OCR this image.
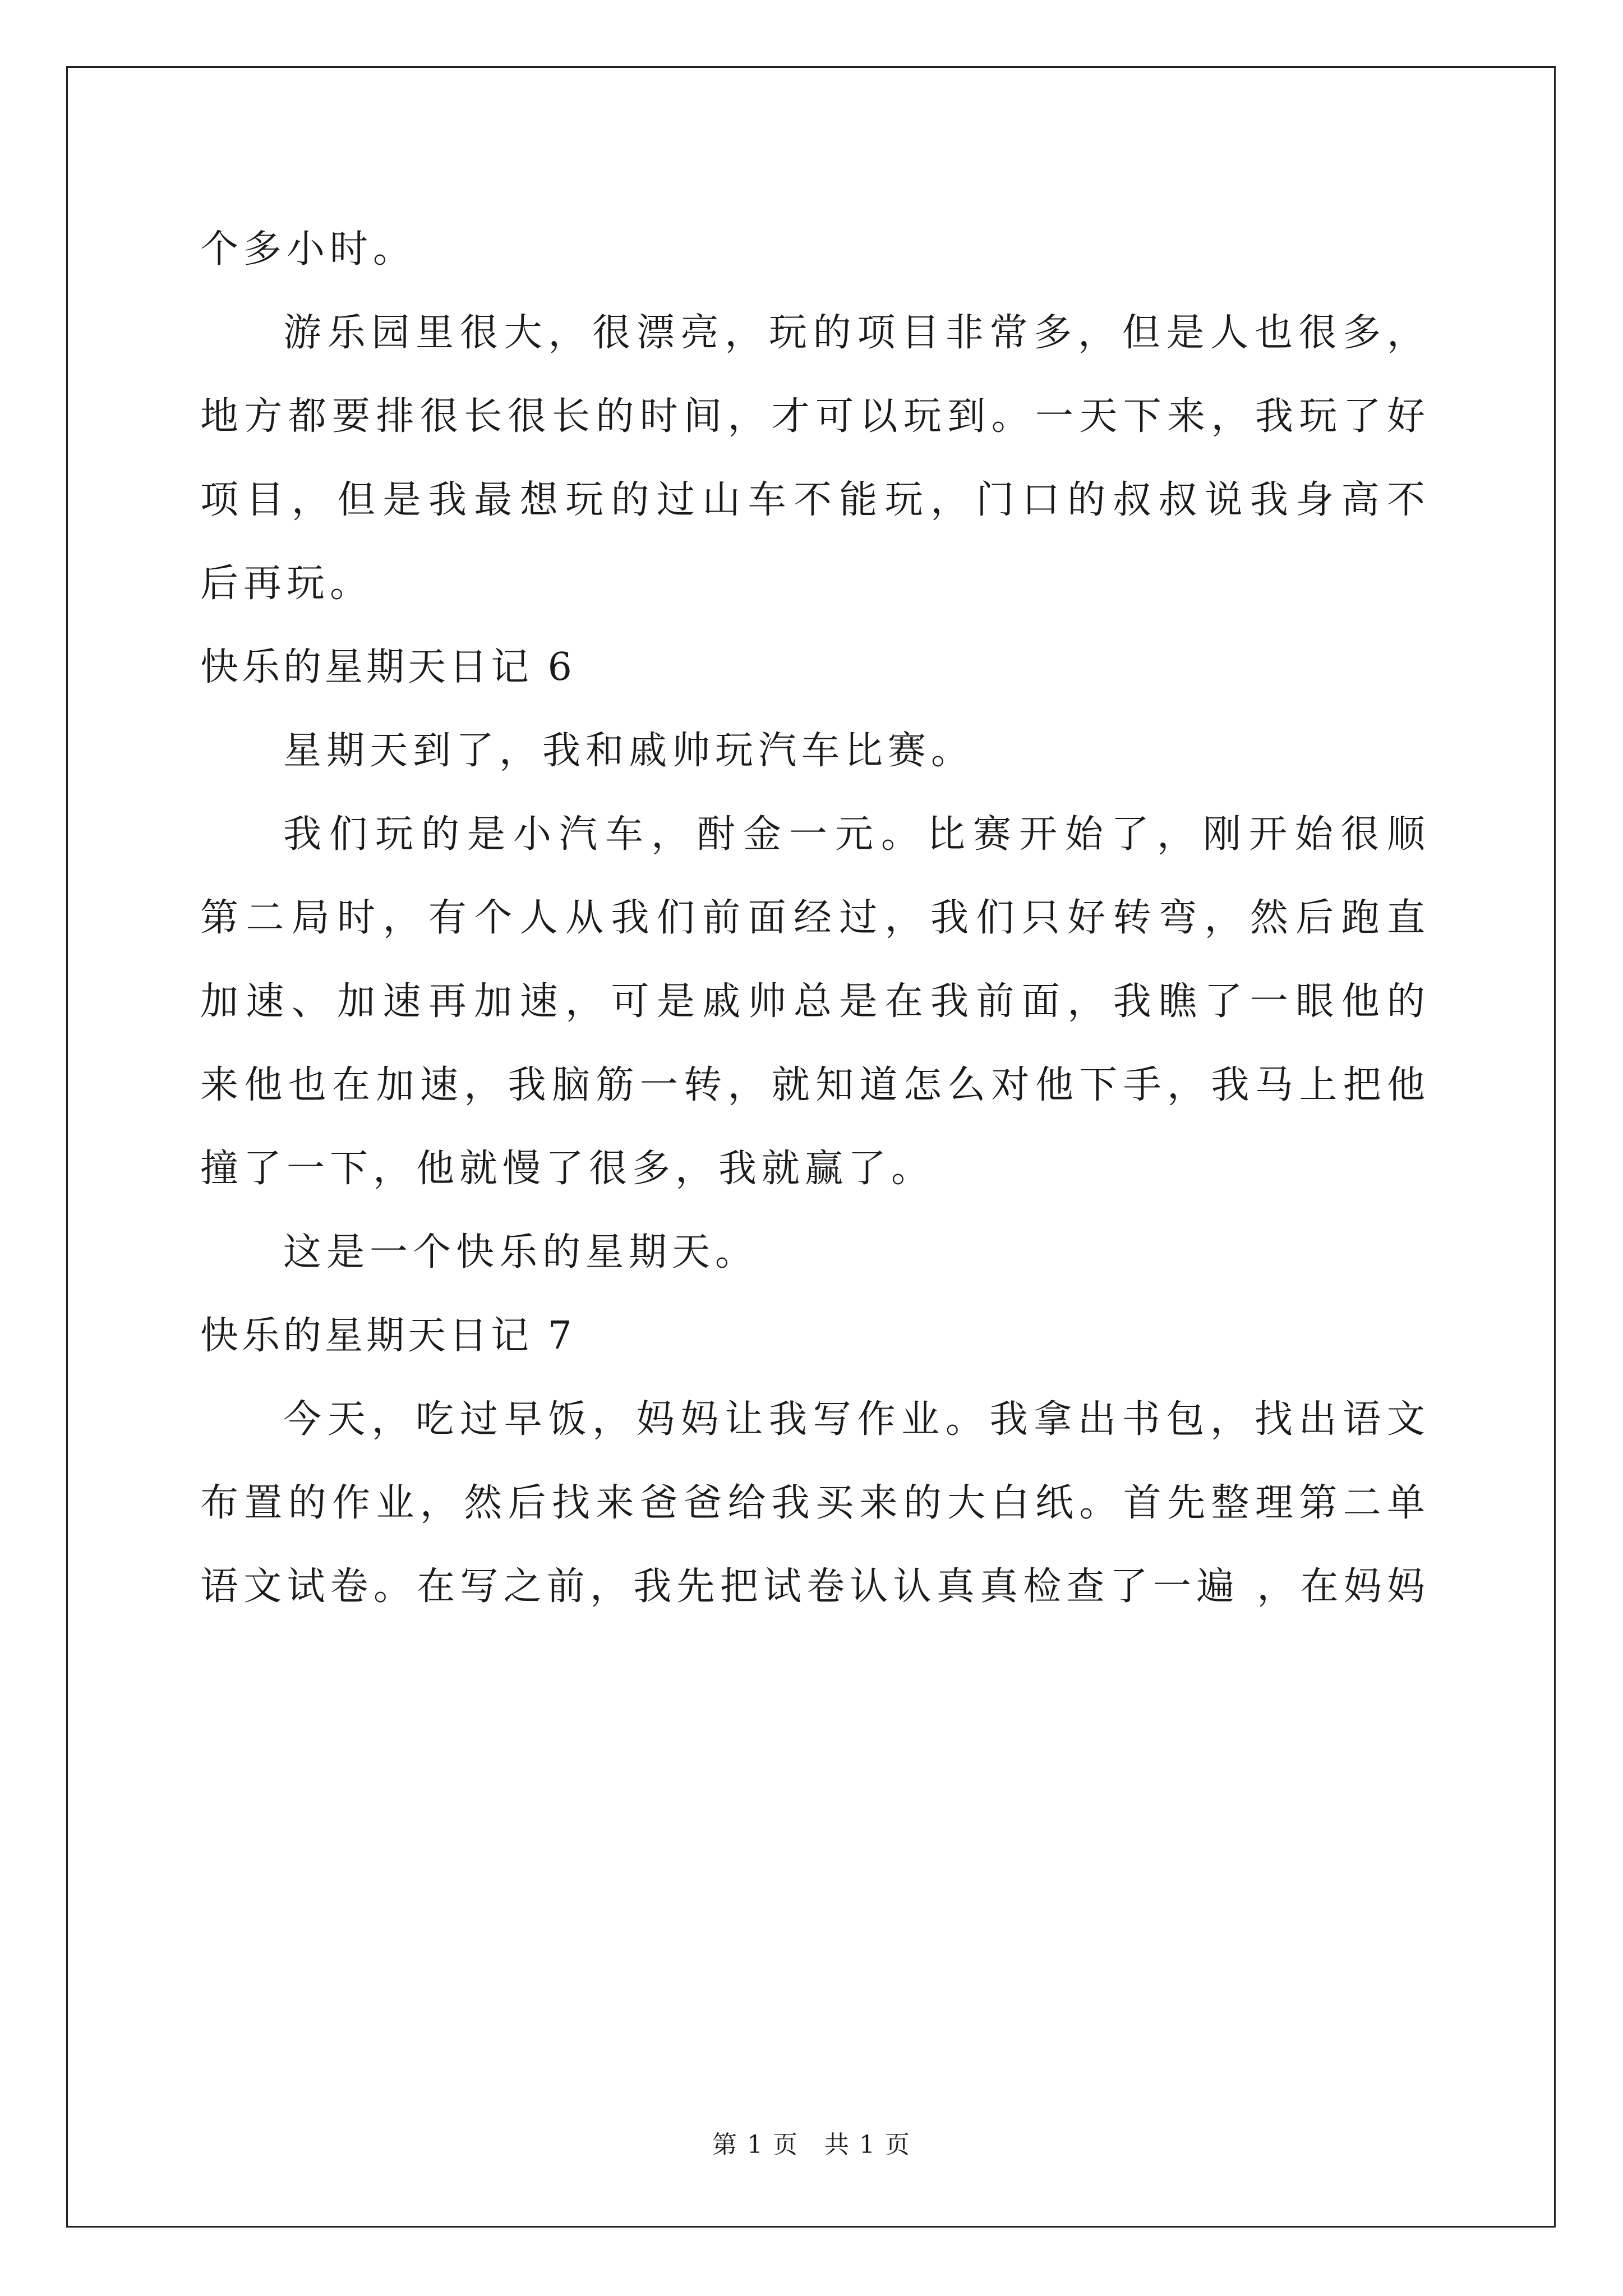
个多小时。
游乐园里很大，很漂亮，玩的项目非常多，但是人也很多，
地方都要排很长很长的时间，才可以玩到。一天下来，我玩了好
项目，但是我最想玩的过山车不能玩，门口的叔叔说我身高不
后再玩。
快乐的星期天日记 6
星期天到了，我和戚帅玩汽车比赛。
我们玩的是小汽车，酎金一元。比赛开始了，刚开始很顺
第二局时，有个人从我们前面经过，我们只好转弯，然后跑直
加速、加速再加速，可是戚帅总是在我前面，我瞧了一眼他的
来他也在加速，我脑筋一转，就知道怎么对他下手，我马上把他
撞了一下，他就慢了很多，我就赢了。
这是一个快乐的星期天。
快乐的星期天日记 7
今天，吃过早饭，妈妈让我写作业。我拿出书包，找出语文
布置的作业，然后找来爸爸给我买来的大白纸。首先整理第二单
语文试卷。在写之前，我先把试卷认认真真检查了一遍 ，在妈妈
第 1 页　共 1 页
